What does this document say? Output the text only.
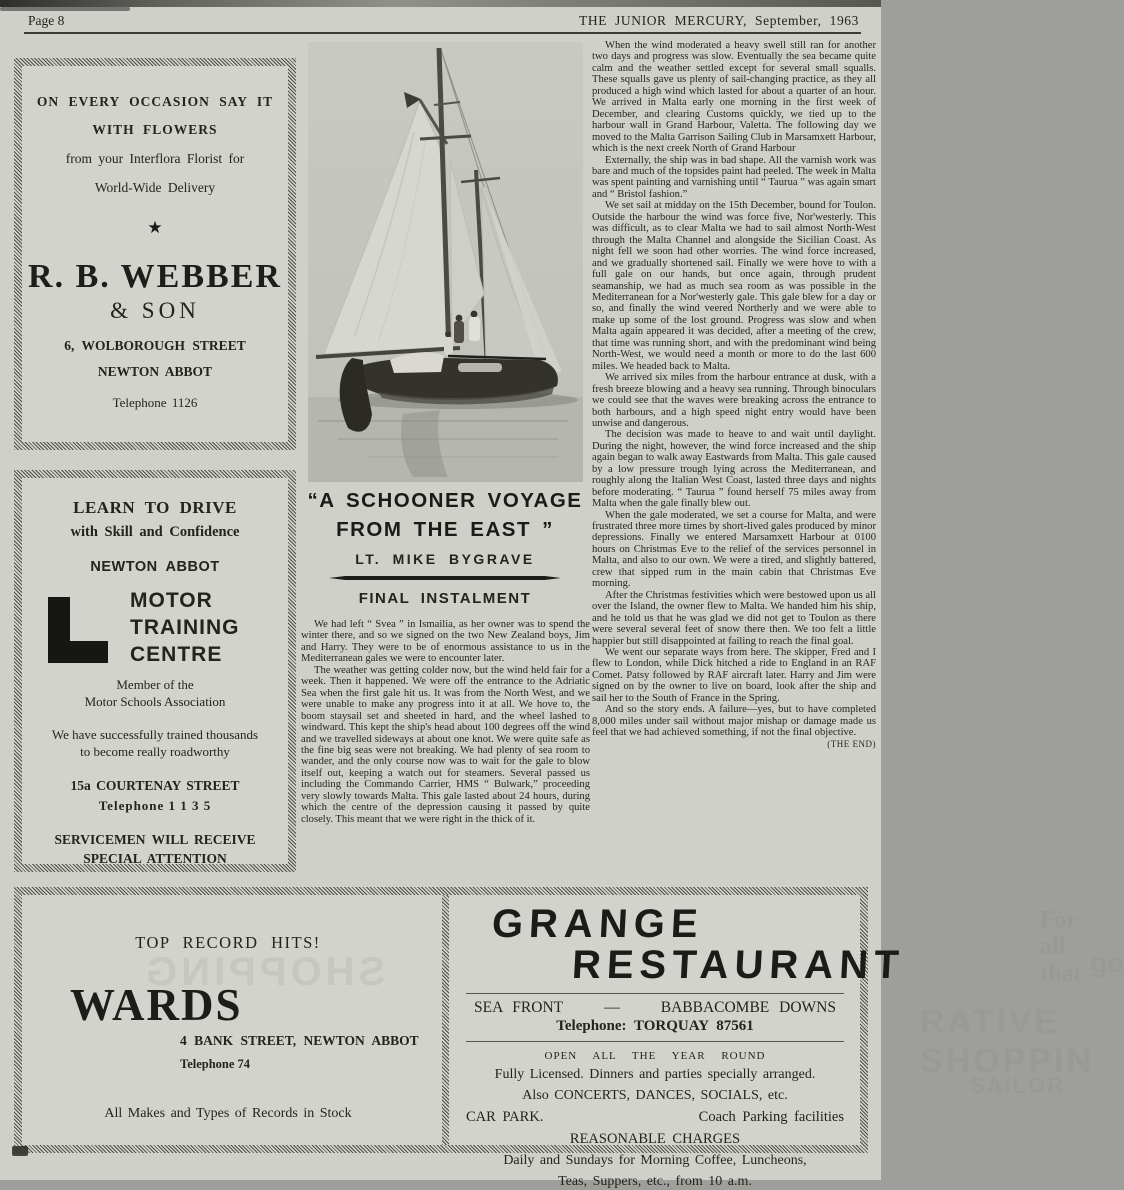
Page 8	THE JUNIOR MERCURY, September, 1963
ON EVERY OCCASION SAY IT
WITH FLOWERS
from your Interflora Florist for
World-Wide Delivery
★
R. B. WEBBER
& SON
6, WOLBOROUGH STREET
NEWTON ABBOT
Telephone 1126
LEARN TO DRIVE
with Skill and Confidence
NEWTON ABBOT
MOTOR
TRAINING
CENTRE
Member of the
Motor Schools Association
We have successfully trained thousands to become really roadworthy
15a COURTENAY STREET
Telephone 1 1 3 5
SERVICEMEN WILL RECEIVE
SPECIAL ATTENTION
“A SCHOONER VOYAGE
FROM THE EAST ”
LT. MIKE BYGRAVE
FINAL INSTALMENT

We had left “ Svea ” in Ismailia, as her owner was to spend the winter there, and so we signed on the two New Zealand boys, Jim and Harry. They were to be of enormous assistance to us in the Mediterranean gales we were to encounter later.

The weather was getting colder now, but the wind held fair for a week. Then it happened. We were off the entrance to the Adriatic Sea when the first gale hit us. It was from the North West, and we were unable to make any progress into it at all. We hove to, the boom staysail set and sheeted in hard, and the wheel lashed to windward. This kept the ship's head about 100 degrees off the wind and we travelled sideways at about one knot. We were quite safe as the fine big seas were not breaking. We had plenty of sea room to wander, and the only course now was to wait for the gale to blow itself out, keeping a watch out for steamers. Several passed us including the Commando Carrier, HMS “ Bulwark,” proceeding very slowly towards Malta. This gale lasted about 24 hours, during which the centre of the depression causing it passed by quite closely. This meant that we were right in the thick of it.

When the wind moderated a heavy swell still ran for another two days and progress was slow. Eventually the sea became quite calm and the weather settled except for several small squalls. These squalls gave us plenty of sail-changing practice, as they all produced a high wind which lasted for about a quarter of an hour. We arrived in Malta early one morning in the first week of December, and clearing Customs quickly, we tied up to the harbour wall in Grand Harbour, Valetta. The following day we moved to the Malta Garrison Sailing Club in Marsamxett Harbour, which is the next creek North of Grand Harbour

Externally, the ship was in bad shape. All the varnish work was bare and much of the topsides paint had peeled. The week in Malta was spent painting and varnishing until “ Taurua ” was again smart and “ Bristol fashion.”

We set sail at midday on the 15th December, bound for Toulon. Outside the harbour the wind was force five, Nor'westerly. This was difficult, as to clear Malta we had to sail almost North-West through the Malta Channel and alongside the Sicilian Coast. As night fell we soon had other worries. The wind force increased, and we gradually shortened sail. Finally we were hove to with a full gale on our hands, but once again, through prudent seamanship, we had as much sea room as was possible in the Mediterranean for a Nor'westerly gale. This gale blew for a day or so, and finally the wind veered Northerly and we were able to make up some of the lost ground. Progress was slow and when Malta again appeared it was decided, after a meeting of the crew, that time was running short, and with the predominant wind being North-West, we would need a month or more to do the last 600 miles. We headed back to Malta.

We arrived six miles from the harbour entrance at dusk, with a fresh breeze blowing and a heavy sea running. Through binoculars we could see that the waves were breaking across the entrance to both harbours, and a high speed night entry would have been unwise and dangerous.

The decision was made to heave to and wait until daylight. During the night, however, the wind force increased and the ship again began to walk away Eastwards from Malta. This gale caused by a low pressure trough lying across the Mediterranean, and roughly along the Italian West Coast, lasted three days and nights before moderating. “ Taurua ” found herself 75 miles away from Malta when the gale finally blew out.

When the gale moderated, we set a course for Malta, and were frustrated three more times by short-lived gales produced by minor depressions. Finally we entered Marsamxett Harbour at 0100 hours on Christmas Eve to the relief of the services personnel in Malta, and also to our own. We were a tired, and slightly battered, crew that sipped rum in the main cabin that Christmas Eve morning.

After the Christmas festivities which were bestowed upon us all over the Island, the owner flew to Malta. We handed him his ship, and he told us that he was glad we did not get to Toulon as there were several several feet of snow there then. We too felt a little happier but still disappointed at failing to reach the final goal.

We went our separate ways from here. The skipper, Fred and I flew to London, while Dick hitched a ride to England in an RAF Comet. Patsy followed by RAF aircraft later. Harry and Jim were signed on by the owner to live on board, look after the ship and sail her to the South of France in the Spring.

And so the story ends. A failure—yes, but to have completed 8,000 miles under sail without major mishap or damage made us feel that we had achieved something, if not the final objective.
(THE END)

SHOPPING
TOP RECORD HITS!
WARDS
4 BANK STREET, NEWTON ABBOT
Telephone 74
All Makes and Types of Records in Stock
For all that go
RATIVE SHOPPIN
SAILOR
GRANGE
RESTAURANT
SEA FRONT	—	BABBACOMBE DOWNS
Telephone: TORQUAY 87561
OPEN ALL THE YEAR ROUND
Fully Licensed. Dinners and parties specially arranged.
Also CONCERTS, DANCES, SOCIALS, etc.
CAR PARK.	Coach Parking facilities
REASONABLE CHARGES
Daily and Sundays for Morning Coffee, Luncheons,
Teas, Suppers, etc., from 10 a.m.
